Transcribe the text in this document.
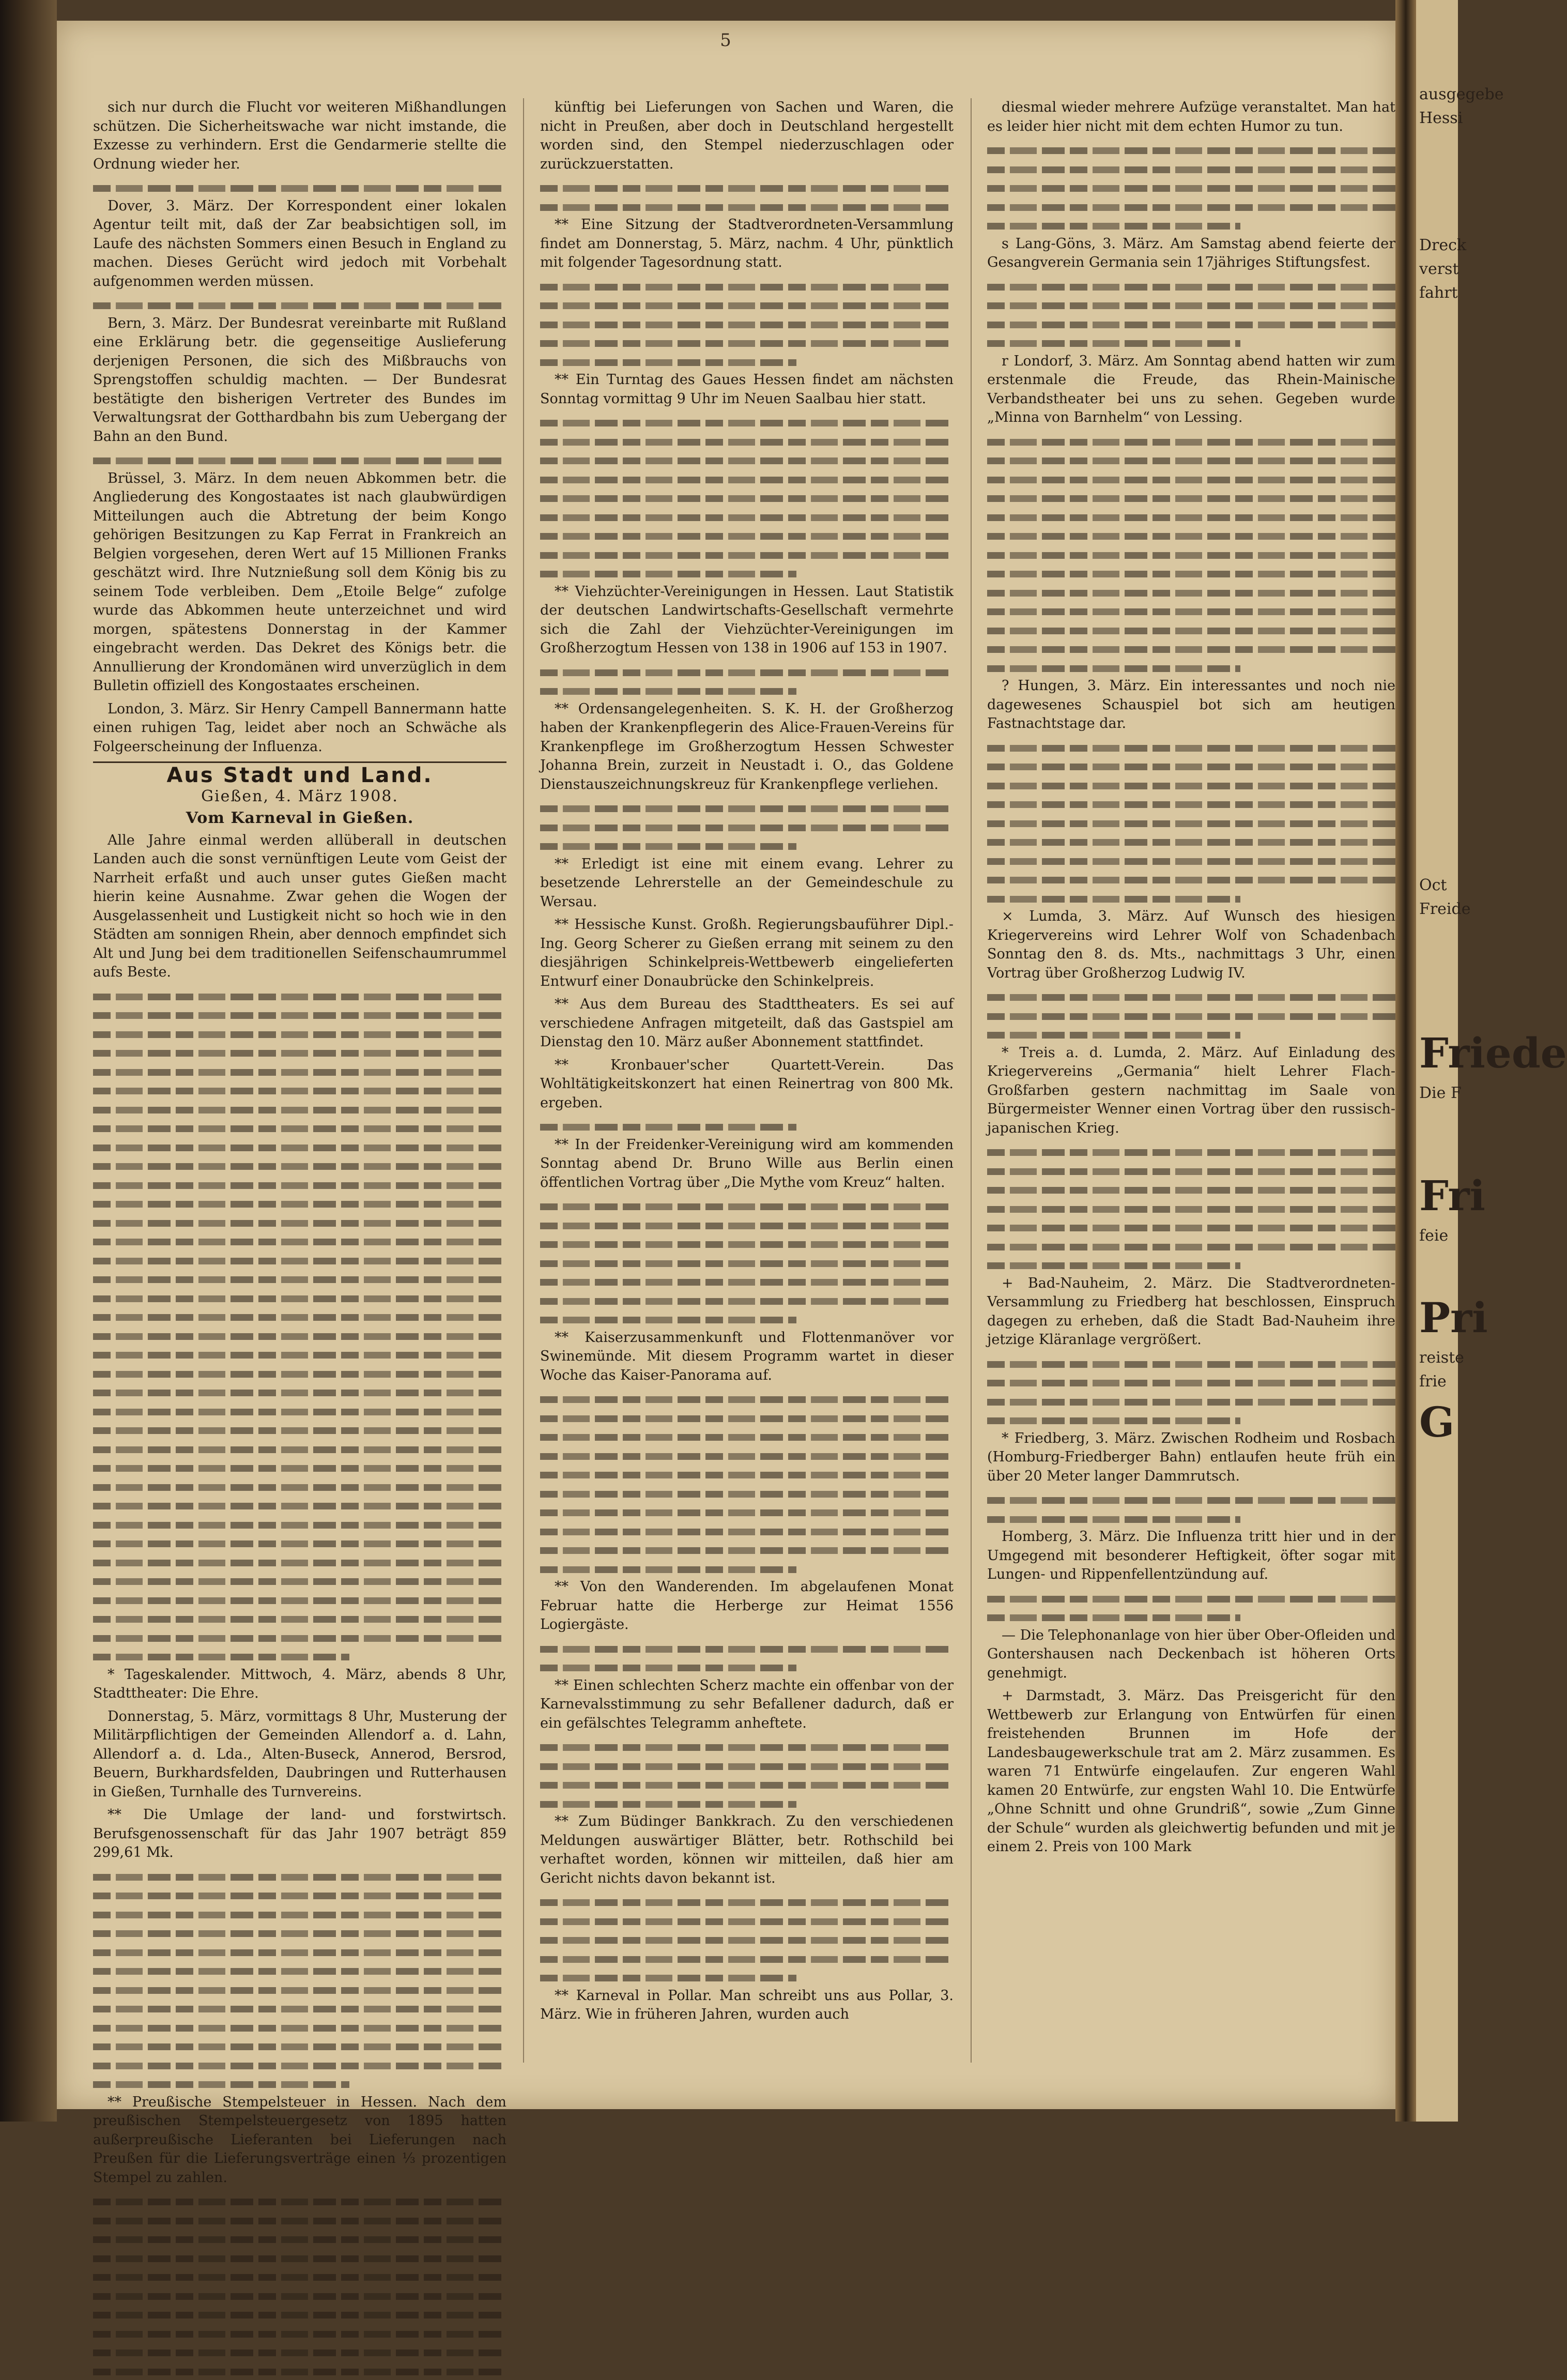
5

sich nur durch die Flucht vor weiteren Mißhandlungen schützen. Die Sicherheitswache war nicht imstande, die Exzesse zu verhindern. Erst die Gendarmerie stellte die Ordnung wieder her.

Dover, 3. März. Der Korrespondent einer lokalen Agentur teilt mit, daß der Zar beabsichtigen soll, im Laufe des nächsten Sommers einen Besuch in England zu machen. Dieses Gerücht wird jedoch mit Vorbehalt aufgenommen werden müssen.

Bern, 3. März. Der Bundesrat vereinbarte mit Rußland eine Erklärung betr. die gegenseitige Auslieferung derjenigen Personen, die sich des Mißbrauchs von Sprengstoffen schuldig machten. — Der Bundesrat bestätigte den bisherigen Vertreter des Bundes im Verwaltungsrat der Gotthardbahn bis zum Uebergang der Bahn an den Bund.

Brüssel, 3. März. In dem neuen Abkommen betr. die Angliederung des Kongostaates ist nach glaubwürdigen Mitteilungen auch die Abtretung der beim Kongo gehörigen Besitzungen zu Kap Ferrat in Frankreich an Belgien vorgesehen, deren Wert auf 15 Millionen Franks geschätzt wird. Ihre Nutznießung soll dem König bis zu seinem Tode verbleiben. Dem „Etoile Belge“ zufolge wurde das Abkommen heute unterzeichnet und wird morgen, spätestens Donnerstag in der Kammer eingebracht werden. Das Dekret des Königs betr. die Annullierung der Krondomänen wird unverzüglich in dem Bulletin offiziell des Kongostaates erscheinen.

London, 3. März. Sir Henry Campell Bannermann hatte einen ruhigen Tag, leidet aber noch an Schwäche als Folgeerscheinung der Influenza.

Aus Stadt und Land.
Gießen, 4. März 1908.
Vom Karneval in Gießen.

Alle Jahre einmal werden allüberall in deutschen Landen auch die sonst vernünftigen Leute vom Geist der Narrheit erfaßt und auch unser gutes Gießen macht hierin keine Ausnahme. Zwar gehen die Wogen der Ausgelassenheit und Lustigkeit nicht so hoch wie in den Städten am sonnigen Rhein, aber dennoch empfindet sich Alt und Jung bei dem traditionellen Seifenschaumrummel aufs Beste.

* Tageskalender. Mittwoch, 4. März, abends 8 Uhr, Stadttheater: Die Ehre.

Donnerstag, 5. März, vormittags 8 Uhr, Musterung der Militärpflichtigen der Gemeinden Allendorf a. d. Lahn, Allendorf a. d. Lda., Alten-Buseck, Annerod, Bersrod, Beuern, Burkhardsfelden, Daubringen und Rutterhausen in Gießen, Turnhalle des Turnvereins.

** Die Umlage der land- und forstwirtsch. Berufsgenossenschaft für das Jahr 1907 beträgt 859 299,61 Mk.

** Preußische Stempelsteuer in Hessen. Nach dem preußischen Stempelsteuergesetz von 1895 hatten außerpreußische Lieferanten bei Lieferungen nach Preußen für die Lieferungsverträge einen ⅓ prozentigen Stempel zu zahlen.

künftig bei Lieferungen von Sachen und Waren, die nicht in Preußen, aber doch in Deutschland hergestellt worden sind, den Stempel niederzuschlagen oder zurückzuerstatten.

** Eine Sitzung der Stadtverordneten-Versammlung findet am Donnerstag, 5. März, nachm. 4 Uhr, pünktlich mit folgender Tagesordnung statt.

** Ein Turntag des Gaues Hessen findet am nächsten Sonntag vormittag 9 Uhr im Neuen Saalbau hier statt.

** Viehzüchter-Vereinigungen in Hessen. Laut Statistik der deutschen Landwirtschafts-Gesellschaft vermehrte sich die Zahl der Viehzüchter-Vereinigungen im Großherzogtum Hessen von 138 in 1906 auf 153 in 1907.

** Ordensangelegenheiten. S. K. H. der Großherzog haben der Krankenpflegerin des Alice-Frauen-Vereins für Krankenpflege im Großherzogtum Hessen Schwester Johanna Brein, zurzeit in Neustadt i. O., das Goldene Dienstauszeichnungskreuz für Krankenpflege verliehen.

** Erledigt ist eine mit einem evang. Lehrer zu besetzende Lehrerstelle an der Gemeindeschule zu Wersau.

** Hessische Kunst. Großh. Regierungsbauführer Dipl.-Ing. Georg Scherer zu Gießen errang mit seinem zu den diesjährigen Schinkelpreis-Wettbewerb eingelieferten Entwurf einer Donaubrücke den Schinkelpreis.

** Aus dem Bureau des Stadttheaters. Es sei auf verschiedene Anfragen mitgeteilt, daß das Gastspiel am Dienstag den 10. März außer Abonnement stattfindet.

** Kronbauer'scher Quartett-Verein. Das Wohltätigkeitskonzert hat einen Reinertrag von 800 Mk. ergeben.

** In der Freidenker-Vereinigung wird am kommenden Sonntag abend Dr. Bruno Wille aus Berlin einen öffentlichen Vortrag über „Die Mythe vom Kreuz“ halten.

** Kaiserzusammenkunft und Flottenmanöver vor Swinemünde. Mit diesem Programm wartet in dieser Woche das Kaiser-Panorama auf.

** Von den Wanderenden. Im abgelaufenen Monat Februar hatte die Herberge zur Heimat 1556 Logiergäste.

** Einen schlechten Scherz machte ein offenbar von der Karnevalsstimmung zu sehr Befallener dadurch, daß er ein gefälschtes Telegramm anheftete.

** Zum Büdinger Bankkrach. Zu den verschiedenen Meldungen auswärtiger Blätter, betr. Rothschild bei verhaftet worden, können wir mitteilen, daß hier am Gericht nichts davon bekannt ist.

** Karneval in Pollar. Man schreibt uns aus Pollar, 3. März. Wie in früheren Jahren, wurden auch

diesmal wieder mehrere Aufzüge veranstaltet. Man hat es leider hier nicht mit dem echten Humor zu tun.

s Lang-Göns, 3. März. Am Samstag abend feierte der Gesangverein Germania sein 17jähriges Stiftungsfest.

r Londorf, 3. März. Am Sonntag abend hatten wir zum erstenmale die Freude, das Rhein-Mainische Verbandstheater bei uns zu sehen. Gegeben wurde „Minna von Barnhelm“ von Lessing.

? Hungen, 3. März. Ein interessantes und noch nie dagewesenes Schauspiel bot sich am heutigen Fastnachtstage dar.

× Lumda, 3. März. Auf Wunsch des hiesigen Kriegervereins wird Lehrer Wolf von Schadenbach Sonntag den 8. ds. Mts., nachmittags 3 Uhr, einen Vortrag über Großherzog Ludwig IV.

* Treis a. d. Lumda, 2. März. Auf Einladung des Kriegervereins „Germania“ hielt Lehrer Flach-Großfarben gestern nachmittag im Saale von Bürgermeister Wenner einen Vortrag über den russisch-japanischen Krieg.

+ Bad-Nauheim, 2. März. Die Stadtverordneten-Versammlung zu Friedberg hat beschlossen, Einspruch dagegen zu erheben, daß die Stadt Bad-Nauheim ihre jetzige Kläranlage vergrößert.

* Friedberg, 3. März. Zwischen Rodheim und Rosbach (Homburg-Friedberger Bahn) entlaufen heute früh ein über 20 Meter langer Dammrutsch.

Homberg, 3. März. Die Influenza tritt hier und in der Umgegend mit besonderer Heftigkeit, öfter sogar mit Lungen- und Rippenfellentzündung auf.

— Die Telephonanlage von hier über Ober-Ofleiden und Gontershausen nach Deckenbach ist höheren Orts genehmigt.

+ Darmstadt, 3. März. Das Preisgericht für den Wettbewerb zur Erlangung von Entwürfen für einen freistehenden Brunnen im Hofe der Landesbaugewerkschule trat am 2. März zusammen. Es waren 71 Entwürfe eingelaufen. Zur engeren Wahl kamen 20 Entwürfe, zur engsten Wahl 10. Die Entwürfe „Ohne Schnitt und ohne Grundriß“, sowie „Zum Ginne der Schule“ wurden als gleichwertig befunden und mit je einem 2. Preis von 100 Mark

ausgegebe
Hessi
Dreck
verst
fahrt
Oct
Freide
Friede
Die F
Fri
feie
Pri
reiste
frie
G
